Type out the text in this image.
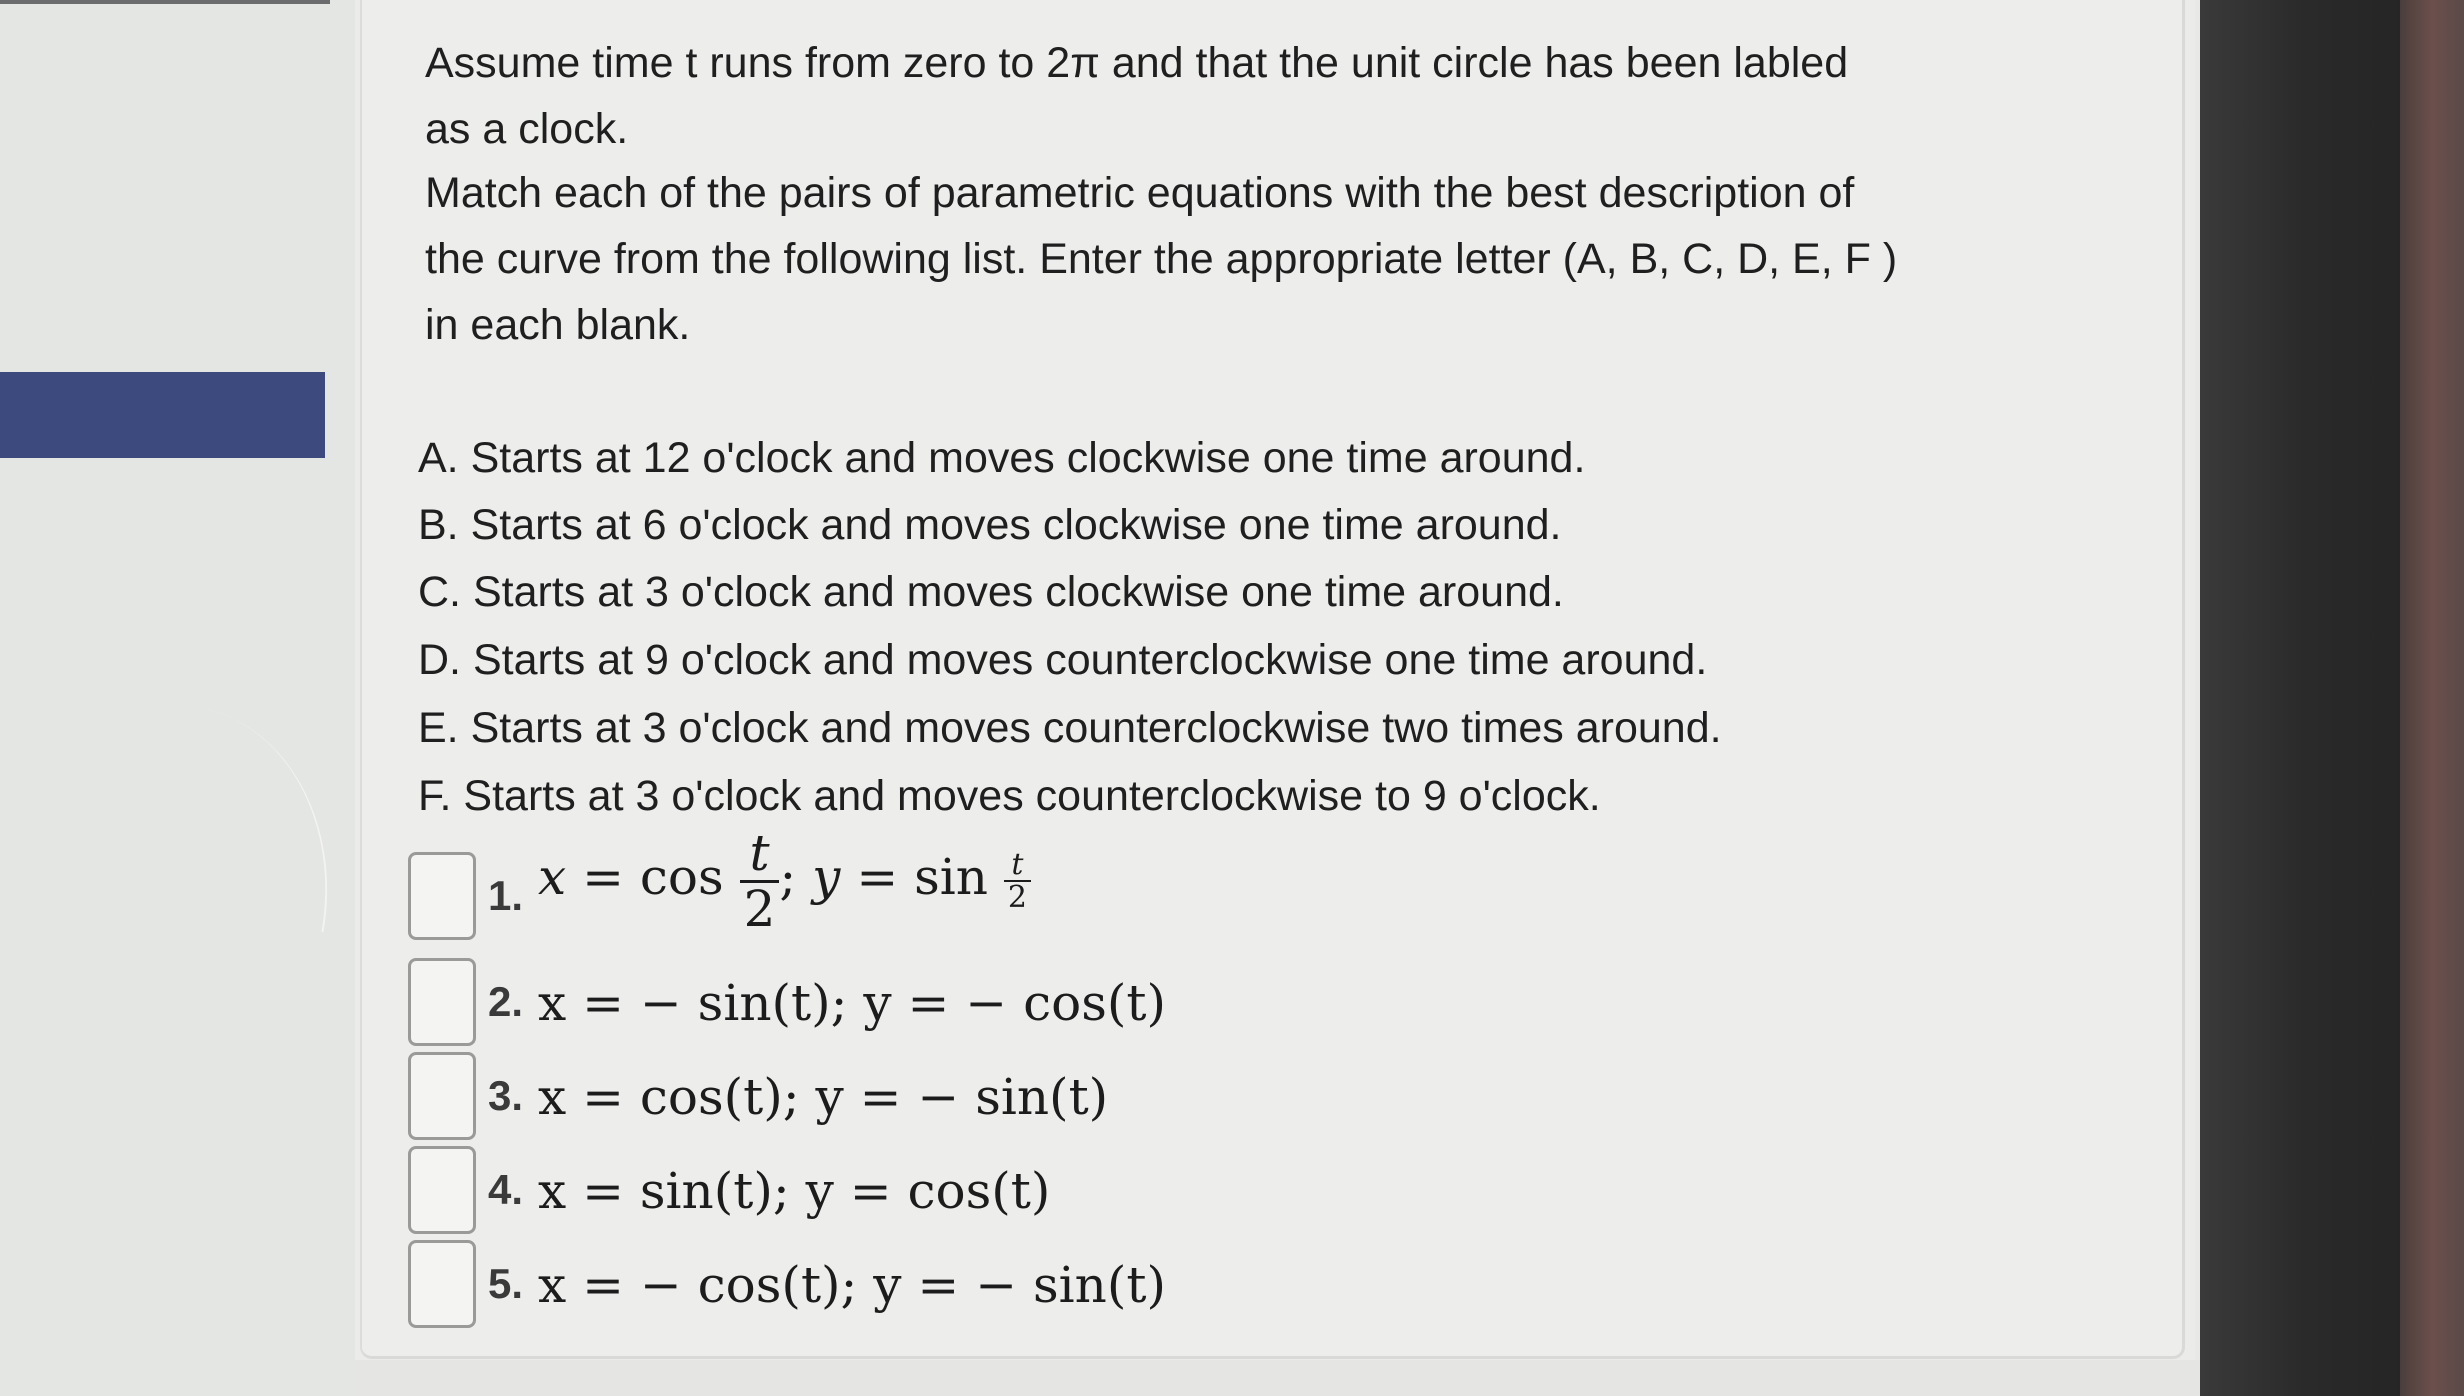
Assume time t runs from zero to 2π and that the unit circle has been labled
as a clock.
Match each of the pairs of parametric equations with the best description of
the curve from the following list. Enter the appropriate letter (A, B, C, D, E, F )
in each blank.
A. Starts at 12 o'clock and moves clockwise one time around.
B. Starts at 6 o'clock and moves clockwise one time around.
C. Starts at 3 o'clock and moves clockwise one time around.
D. Starts at 9 o'clock and moves counterclockwise one time around.
E. Starts at 3 o'clock and moves counterclockwise two times around.
F. Starts at 3 o'clock and moves counterclockwise to 9 o'clock.
1. $x = \cos \frac{t}{2}$ ; $y = \sin \frac{t}{2}$
2. x = − sin(t); y = − cos(t)
3. x = cos(t); y = − sin(t)
4. x = sin(t); y = cos(t)
5. x = − cos(t); y = − sin(t)
